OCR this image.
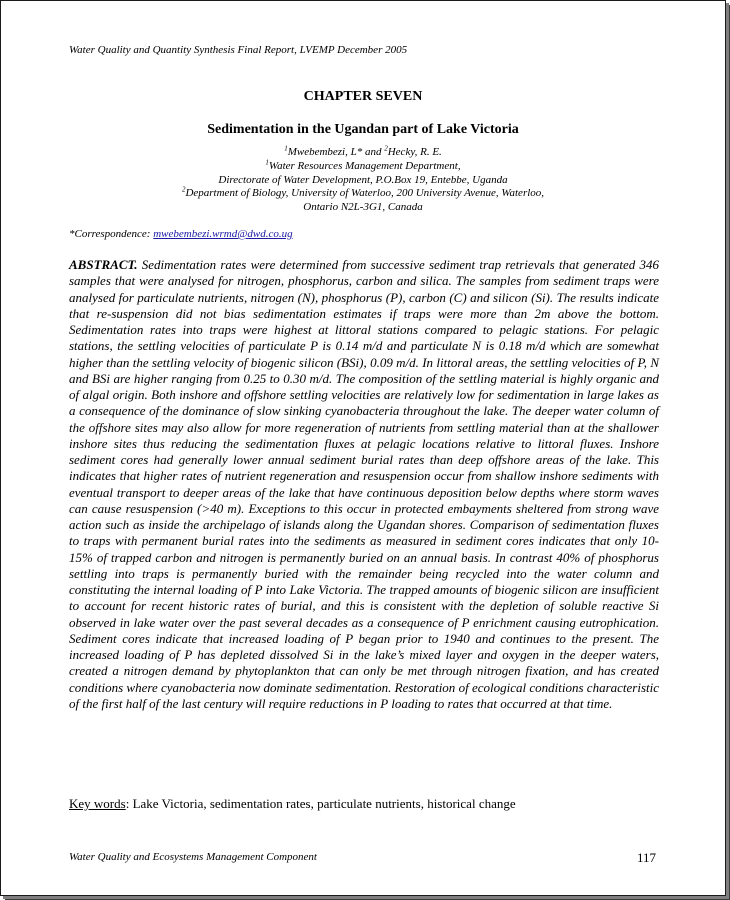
Water Quality and Quantity Synthesis Final Report, LVEMP December 2005
CHAPTER SEVEN
Sedimentation in the Ugandan part of Lake Victoria
$^1$Mwebembezi, L* and $^2$Hecky, R. E.
$^1$Water Resources Management Department,
Directorate of Water Development, P.O.Box 19, Entebbe, Uganda
$^2$Department of Biology, University of Waterloo, 200 University Avenue, Waterloo,
Ontario N2L-3G1, Canada
*Correspondence: mwebembezi.wrmd@dwd.co.ug

ABSTRACT. Sedimentation rates were determined from successive sediment trap retrievals that generated 346 samples that were analysed for nitrogen, phosphorus, carbon and silica. The samples from sediment traps were analysed for particulate nutrients, nitrogen (N), phosphorus (P), carbon (C) and silicon (Si). The results indicate that re-suspension did not bias sedimentation estimates if traps were more than 2m above the bottom. Sedimentation rates into traps were highest at littoral stations compared to pelagic stations. For pelagic stations, the settling velocities of particulate P is 0.14 m/d and particulate N is 0.18 m/d which are somewhat higher than the settling velocity of biogenic silicon (BSi), 0.09 m/d. In littoral areas, the settling velocities of P, N and BSi are higher ranging from 0.25 to 0.30 m/d. The composition of the settling material is highly organic and of algal origin. Both inshore and offshore settling velocities are relatively low for sedimentation in large lakes as a consequence of the dominance of slow sinking cyanobacteria throughout the lake. The deeper water column of the offshore sites may also allow for more regeneration of nutrients from settling material than at the shallower inshore sites thus reducing the sedimentation fluxes at pelagic locations relative to littoral fluxes. Inshore sediment cores had generally lower annual sediment burial rates than deep offshore areas of the lake. This indicates that higher rates of nutrient regeneration and resuspension occur from shallow inshore sediments with eventual transport to deeper areas of the lake that have continuous deposition below depths where storm waves can cause resuspension (>40 m). Exceptions to this occur in protected embayments sheltered from strong wave action such as inside the archipelago of islands along the Ugandan shores. Comparison of sedimentation fluxes to traps with permanent burial rates into the sediments as measured in sediment cores indicates that only 10-15% of trapped carbon and nitrogen is permanently buried on an annual basis. In contrast 40% of phosphorus settling into traps is permanently buried with the remainder being recycled into the water column and constituting the internal loading of P into Lake Victoria. The trapped amounts of biogenic silicon are insufficient to account for recent historic rates of burial, and this is consistent with the depletion of soluble reactive Si observed in lake water over the past several decades as a consequence of P enrichment causing eutrophication. Sediment cores indicate that increased loading of P began prior to 1940 and continues to the present. The increased loading of P has depleted dissolved Si in the lake’s mixed layer and oxygen in the deeper waters, created a nitrogen demand by phytoplankton that can only be met through nitrogen fixation, and has created conditions where cyanobacteria now dominate sedimentation. Restoration of ecological conditions characteristic of the first half of the last century will require reductions in P loading to rates that occurred at that time.

Key words: Lake Victoria, sedimentation rates, particulate nutrients, historical change
Water Quality and Ecosystems Management Component	117
